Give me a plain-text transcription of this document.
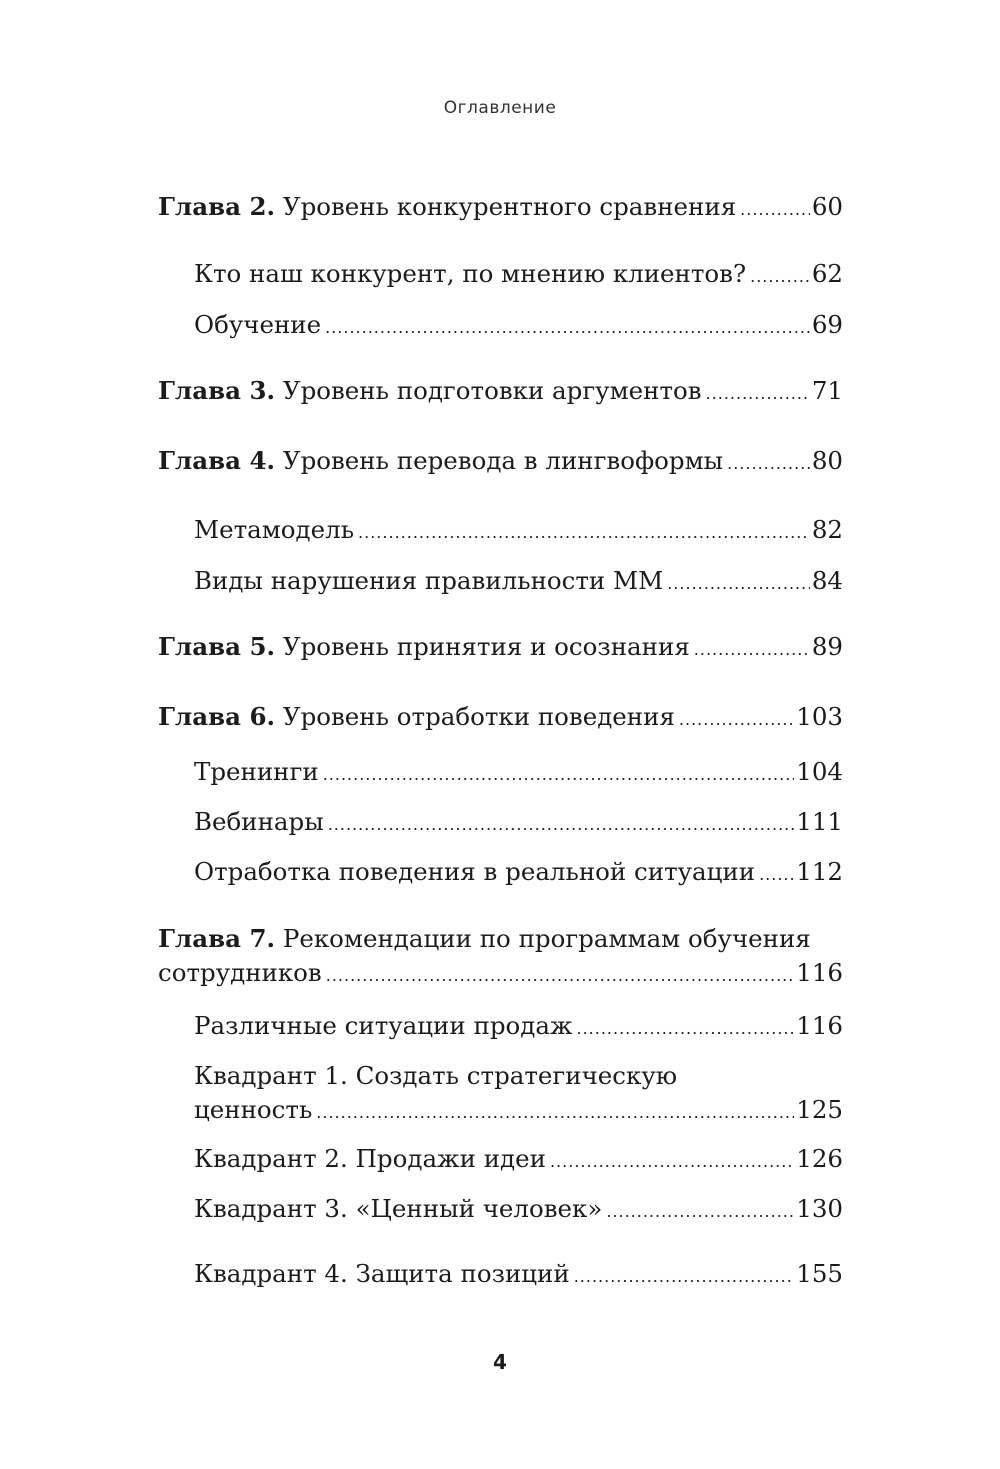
Оглавление
Глава 2. Уровень конкурентного сравнения .....	60
Кто наш конкурент, по мнению клиентов? .....	62
Обучение .....	69
Глава 3. Уровень подготовки аргументов .....	71
Глава 4. Уровень перевода в лингвоформы .....	80
Метамодель .....	82
Виды нарушения правильности ММ .....	84
Глава 5. Уровень принятия и осознания .....	89
Глава 6. Уровень отработки поведения .....	103
Тренинги .....	104
Вебинары .....	111
Отработка поведения в реальной ситуации ..... 112
Глава 7. Рекомендации по программам обучения
сотрудников .....	116
Различные ситуации продаж .....	116
Квадрант 1. Создать стратегическую
ценность .....	125
Квадрант 2. Продажи идеи .....	126
Квадрант 3. «Ценный человек» .....	130
Квадрант 4. Защита позиций .....	155
4
